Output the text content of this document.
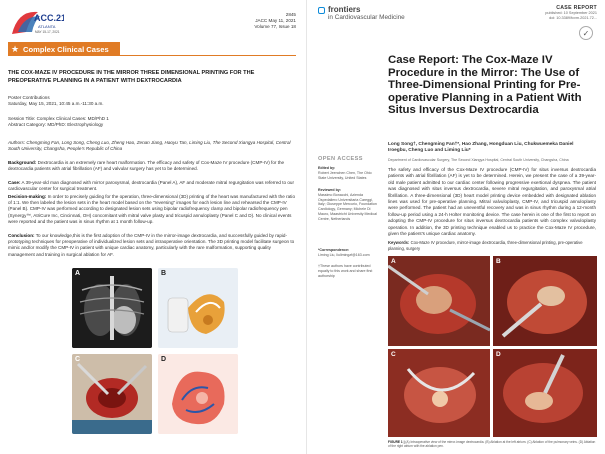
ACC.21
ATLANTA
MAY 15-17, 2021
2845
JACC May 11, 2021
Volume 77, Issue 18
★ Complex Clinical Cases
THE COX-MAZE IV PROCEDURE IN THE MIRROR THREE DIMENSIONAL PRINTING FOR THE PREOPERATIVE PLANNING IN A PATIENT WITH DEXTROCARDIA
Poster Contributions
Saturday, May 15, 2021, 10:45 a.m.-11:30 a.m.
Session Title: Complex Clinical Cases: MD/PhD 1
Abstract Category: MD/PhD: Electrophysiology
Authors: Chengming Fan, Long Song, Cheng Luo, Zheng Hao, Zenan Jiang, Haoyu Tan, Liming Liu, The Second Xiangya Hospital, Central South University, Changsha, People's Republic of China
Background: Dextrocardia is an extremely rare heart malformation. The efficacy and safety of Cox-Maze IV procedure (CMP-IV) for the dextrocardia patients with atrial fibrillation (AF) and valvular surgery has yet to be determined.
Case: A 39-year-old man diagnosed with mirror paroxysmal, dextrocardia (Panel A), AF and moderate mitral regurgitation was referred to our cardiovascular center for surgical treatment.
Decision-making: In order to precisely guiding for the operation, three-dimensional (3D) printing of the heart was manufactured with the ratio of 1:1. We then labeled the lesion sets in the heart model based on the "reversing" images for each lesion line and rehearsed the CMP-IV (Panel B). CMP-IV was performed according to designated lesion sets using bipolar radiofrequency clamp and bipolar radiofrequency pen (Synergy™, AtriCure Inc, Cincinnati, OH) concomitant with mitral valve plasty and tricuspid annuloplasty (Panel C and D). No clinical events were reported and the patient was in sinus rhythm at 1 month follow-up.
Conclusion: To our knowledge,this is the first adoption of the CMP-IV in the mirror-image dextrocardia, and successfully guided by rapid-prototyping techniques for preoperative of individualized lesion sets and intraoperative orientation. The 3D printing model facilitate surgeon to mimic and/or modify the CMP-IV in patient with unique cardiac anatomy, particularly with the rare malformation, supporting quality management and training in surgical ablation for AF.
A	B
C	D
frontiers
in Cardiovascular Medicine
CASE REPORT
published: 10 September 2021
doi: 10.3389/fcvm.2021.72...
✓
Case Report: The Cox-Maze IV Procedure in the Mirror: The Use of Three-Dimensional Printing for Pre-operative Planning in a Patient With Situs Inversus Dextrocardia
Long Song†, Chengming Fan†*, Hao Zhang, Hongduan Liu, Chukwuemeka Daniel Iroegbu, Cheng Luo and Liming Liu*
OPEN ACCESS
Edited by:
Robert Jeenchen Chen, The Ohio State University, United States
Reviewed by:
Massimo Bonacchi, Azienda Ospedaliero Universitaria Careggi, Italy; Giuseppe Mercurio, Foundation Cardiology, Germany; Michele Di Mauro, Maastricht University Medical Centre, Netherlands
*Correspondence:
Liming Liu, liulimingzf@163.com
†These authors have contributed equally to this work and share first authorship
Department of Cardiovascular Surgery, The Second Xiangya Hospital, Central South University, Changsha, China
The safety and efficacy of the Cox-Maze IV procedure (CMP-IV) for situs inversus dextrocardia patients with atrial fibrillation (AF) is yet to be determined. Herein, we present the case of a 39-year-old male patient admitted to our cardiac center following progressive exertional dyspnea. The patient was diagnosed with situs inversus dextrocardia, severe mitral regurgitation, and paroxysmal atrial fibrillation. A three-dimensional (3D) heart model printing device embedded with designated ablation lines was used for pre-operative planning. Mitral valvuloplasty, CMP-IV, and tricuspid annuloplasty were performed. The patient had an uneventful recovery and was in sinus rhythm during a 12-month follow-up period using a 24-h Holter monitoring device. The case herein is one of the first to report on adopting the CMP-IV procedure for situs inversus dextrocardia patients with complex valvuloplasty operation. In addition, the 3D printing technique enabled us to practice the Cox-Maze IV procedure, given the patient's unique cardiac anatomy.
Keywords: Cox-Maze IV procedure, mirror-image dextrocardia, three-dimensional printing, pre-operative planning, surgery
A	B
C	D
FIGURE 1 | (A) Intraoperative view of the mirror-image dextrocardia. (B) Ablation at the left atrium. (C) Ablation of the pulmonary veins. (D) Ablation of the right atrium with the ablation pen.
